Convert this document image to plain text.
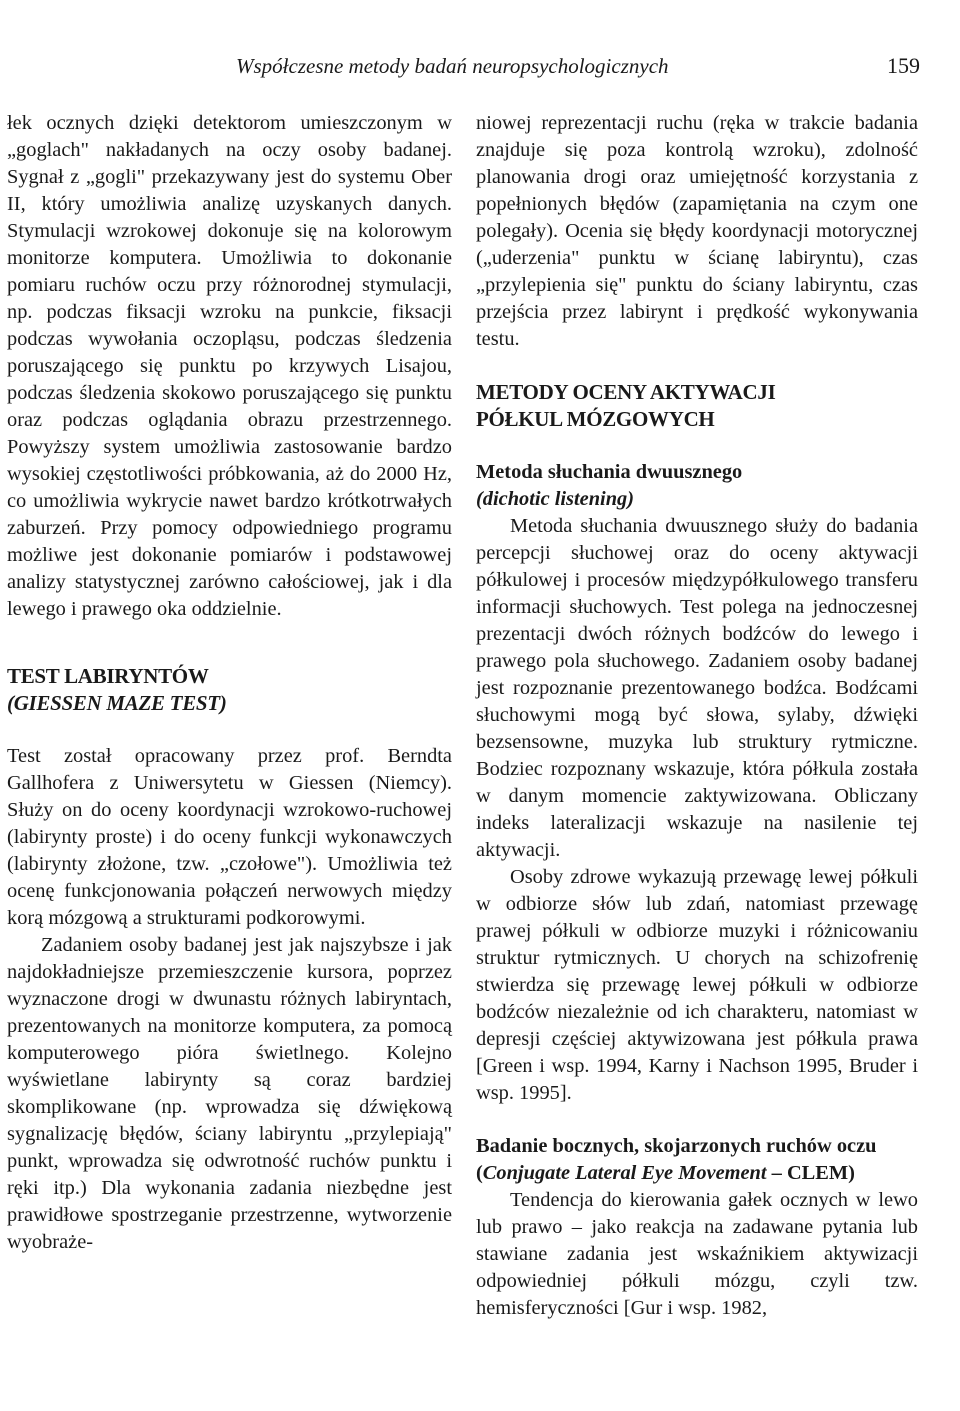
Współczesne metody badań neuropsychologicznych	159

łek ocznych dzięki detektorom umieszczonym w „goglach" nakładanych na oczy osoby badanej. Sygnał z „gogli" przekazywany jest do systemu Ober II, który umożliwia analizę uzyskanych danych. Stymulacji wzrokowej dokonuje się na kolorowym monitorze komputera. Umożliwia to dokonanie pomiaru ruchów oczu przy różnorodnej stymulacji, np. podczas fiksacji wzroku na punkcie, fiksacji podczas wywołania oczopląsu, podczas śledzenia poruszającego się punktu po krzywych Lisajou, podczas śledzenia skokowo poruszającego się punktu oraz podczas oglądania obrazu przestrzennego. Powyższy system umożliwia zastosowanie bardzo wysokiej częstotliwości próbkowania, aż do 2000 Hz, co umożliwia wykrycie nawet bardzo krótkotrwałych zaburzeń. Przy pomocy odpowiedniego programu możliwe jest dokonanie pomiarów i podstawowej analizy statystycznej zarówno całościowej, jak i dla lewego i prawego oka oddzielnie.

TEST LABIRYNTÓW
(GIESSEN MAZE TEST)

Test został opracowany przez prof. Berndta Gallhofera z Uniwersytetu w Giessen (Niemcy). Służy on do oceny koordynacji wzrokowo-ruchowej (labirynty proste) i do oceny funkcji wykonawczych (labirynty złożone, tzw. „czołowe"). Umożliwia też ocenę funkcjonowania połączeń nerwowych między korą mózgową a strukturami podkorowymi.

Zadaniem osoby badanej jest jak najszybsze i jak najdokładniejsze przemieszczenie kursora, poprzez wyznaczone drogi w dwunastu różnych labiryntach, prezentowanych na monitorze komputera, za pomocą komputerowego pióra świetlnego. Kolejno wyświetlane labirynty są coraz bardziej skomplikowane (np. wprowadza się dźwiękową sygnalizację błędów, ściany labiryntu „przylepiają" punkt, wprowadza się odwrotność ruchów punktu i ręki itp.) Dla wykonania zadania niezbędne jest prawidłowe spostrzeganie przestrzenne, wytworzenie wyobraże-

niowej reprezentacji ruchu (ręka w trakcie badania znajduje się poza kontrolą wzroku), zdolność planowania drogi oraz umiejętność korzystania z popełnionych błędów (zapamiętania na czym one polegały). Ocenia się błędy koordynacji motorycznej („uderzenia" punktu w ścianę labiryntu), czas „przylepienia się" punktu do ściany labiryntu, czas przejścia przez labirynt i prędkość wykonywania testu.

METODY OCENY AKTYWACJI
PÓŁKUL MÓZGOWYCH
Metoda słuchania dwuusznego
(dichotic listening)

Metoda słuchania dwuusznego służy do badania percepcji słuchowej oraz do oceny aktywacji półkulowej i procesów międzypółkulowego transferu informacji słuchowych. Test polega na jednoczesnej prezentacji dwóch różnych bodźców do lewego i prawego pola słuchowego. Zadaniem osoby badanej jest rozpoznanie prezentowanego bodźca. Bodźcami słuchowymi mogą być słowa, sylaby, dźwięki bezsensowne, muzyka lub struktury rytmiczne. Bodziec rozpoznany wskazuje, która półkula została w danym momencie zaktywizowana. Obliczany indeks lateralizacji wskazuje na nasilenie tej aktywacji.

Osoby zdrowe wykazują przewagę lewej półkuli w odbiorze słów lub zdań, natomiast przewagę prawej półkuli w odbiorze muzyki i różnicowaniu struktur rytmicznych. U chorych na schizofrenię stwierdza się przewagę lewej półkuli w odbiorze bodźców niezależnie od ich charakteru, natomiast w depresji częściej aktywizowana jest półkula prawa [Green i wsp. 1994, Karny i Nachson 1995, Bruder i wsp. 1995].

Badanie bocznych, skojarzonych ruchów oczu
(Conjugate Lateral Eye Movement – CLEM)

Tendencja do kierowania gałek ocznych w lewo lub prawo – jako reakcja na zadawane pytania lub stawiane zadania jest wskaźnikiem aktywizacji odpowiedniej półkuli mózgu, czyli tzw. hemisferyczności [Gur i wsp. 1982,
